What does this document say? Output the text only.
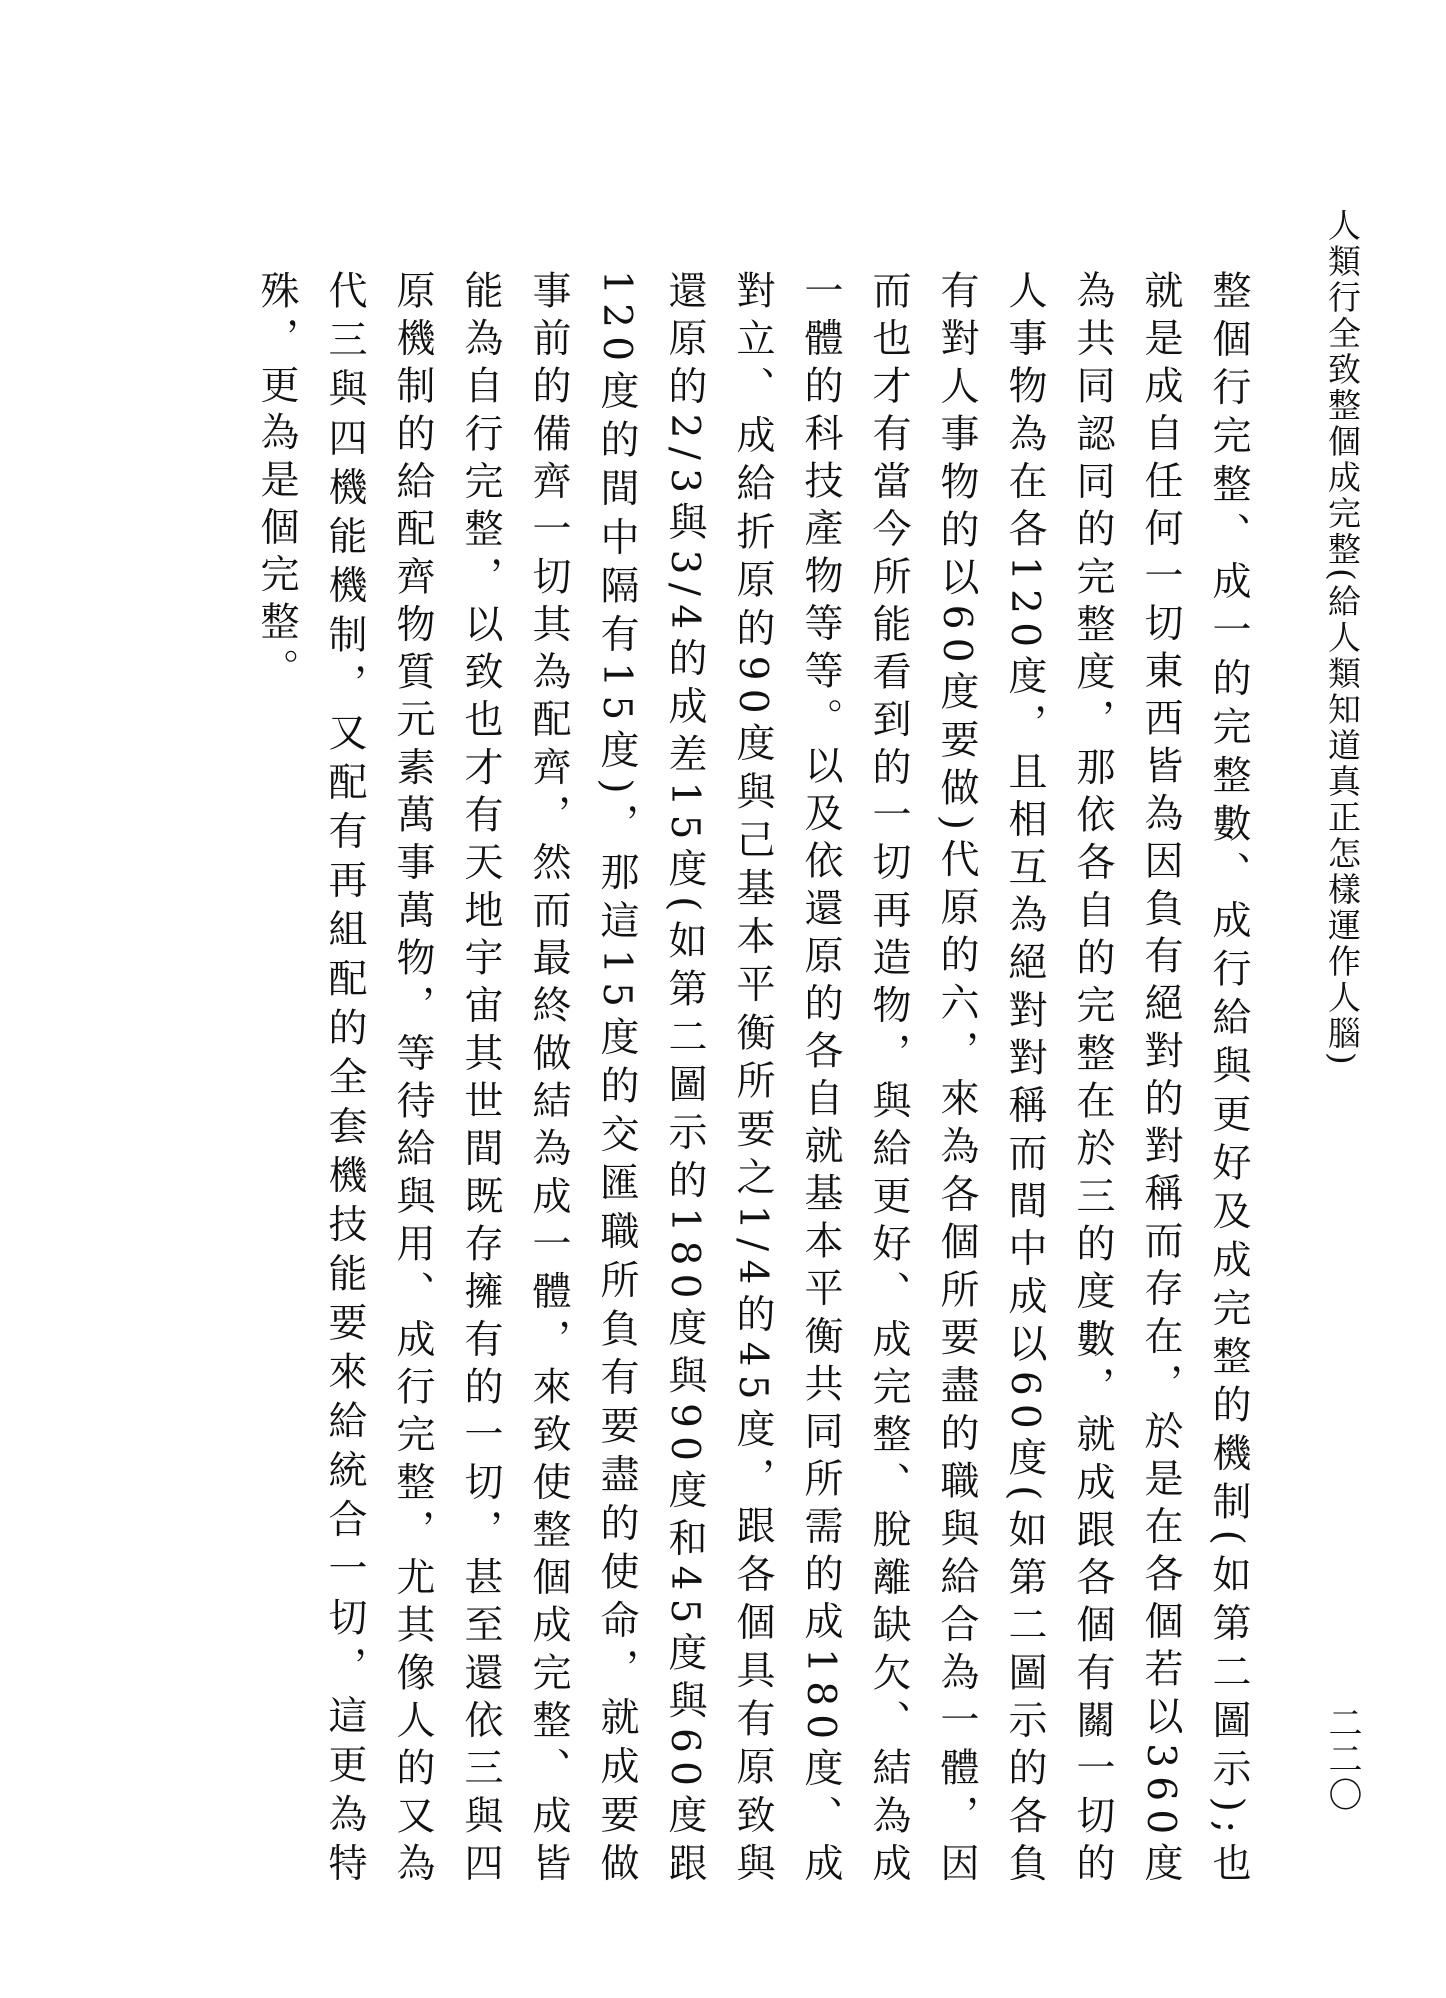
人類行全致整個成完整(給人類知道真正怎樣運作人腦)
二二〇

整個行完整、成一的完整數、成行給與更好及成完整的機制(如第二圖示);也就是成自任何一切東西皆為因負有絕對的對稱而存在，於是在各個若以360度為共同認同的完整度，那依各自的完整在於三的度數，就成跟各個有關一切的人事物為在各120度，且相互為絕對對稱而間中成以60度(如第二圖示的各負有對人事物的以60度要做)代原的六，來為各個所要盡的職與給合為一體，因而也才有當今所能看到的一切再造物，與給更好、成完整、脫離缺欠、結為成一體的科技產物等等。以及依還原的各自就基本平衡共同所需的成180度、成對立、成給折原的90度與己基本平衡所要之1/4的45度，跟各個具有原致與還原的2/3與3/4的成差15度(如第二圖示的180度與90度和45度與60度跟120度的間中隔有15度)，那這15度的交匯職所負有要盡的使命，就成要做事前的備齊一切其為配齊，然而最終做結為成一體，來致使整個成完整、成皆能為自行完整，以致也才有天地宇宙其世間既存擁有的一切，甚至還依三與四原機制的給配齊物質元素萬事萬物，等待給與用、成行完整，尤其像人的又為代三與四機能機制，又配有再組配的全套機技能要來給統合一切，這更為特殊，更為是個完整。
